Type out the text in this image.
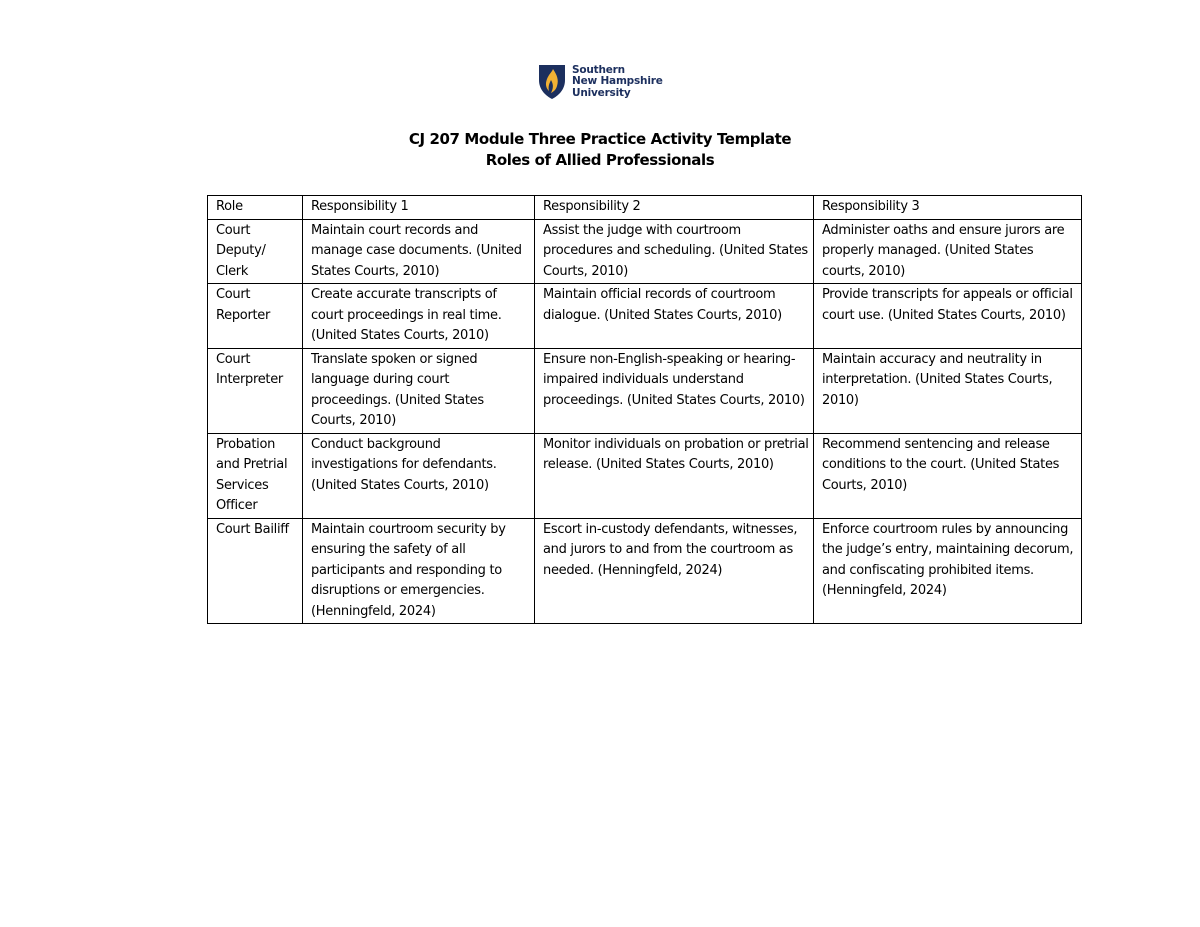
Southern
New Hampshire
University
CJ 207 Module Three Practice Activity Template
Roles of Allied Professionals
Role	Responsibility 1	Responsibility 2	Responsibility 3
Court Deputy/ Clerk	Maintain court records and manage case documents. (United States Courts, 2010)	Assist the judge with courtroom procedures and scheduling. (United States Courts, 2010)	Administer oaths and ensure jurors are properly managed. (United States courts, 2010)
Court Reporter	Create accurate transcripts of court proceedings in real time. (United States Courts, 2010)	Maintain official records of courtroom dialogue. (United States Courts, 2010)	Provide transcripts for appeals or official court use. (United States Courts, 2010)
Court Interpreter	Translate spoken or signed language during court proceedings. (United States Courts, 2010)	Ensure non-English-speaking or hearing-impaired individuals understand proceedings. (United States Courts, 2010)	Maintain accuracy and neutrality in interpretation. (United States Courts, 2010)
Probation and Pretrial Services Officer	Conduct background investigations for defendants. (United States Courts, 2010)	Monitor individuals on probation or pretrial release. (United States Courts, 2010)	Recommend sentencing and release conditions to the court. (United States Courts, 2010)
Court Bailiff	Maintain courtroom security by ensuring the safety of all participants and responding to disruptions or emergencies. (Henningfeld, 2024)	Escort in-custody defendants, witnesses, and jurors to and from the courtroom as needed. (Henningfeld, 2024)	Enforce courtroom rules by announcing the judge’s entry, maintaining decorum, and confiscating prohibited items. (Henningfeld, 2024)
